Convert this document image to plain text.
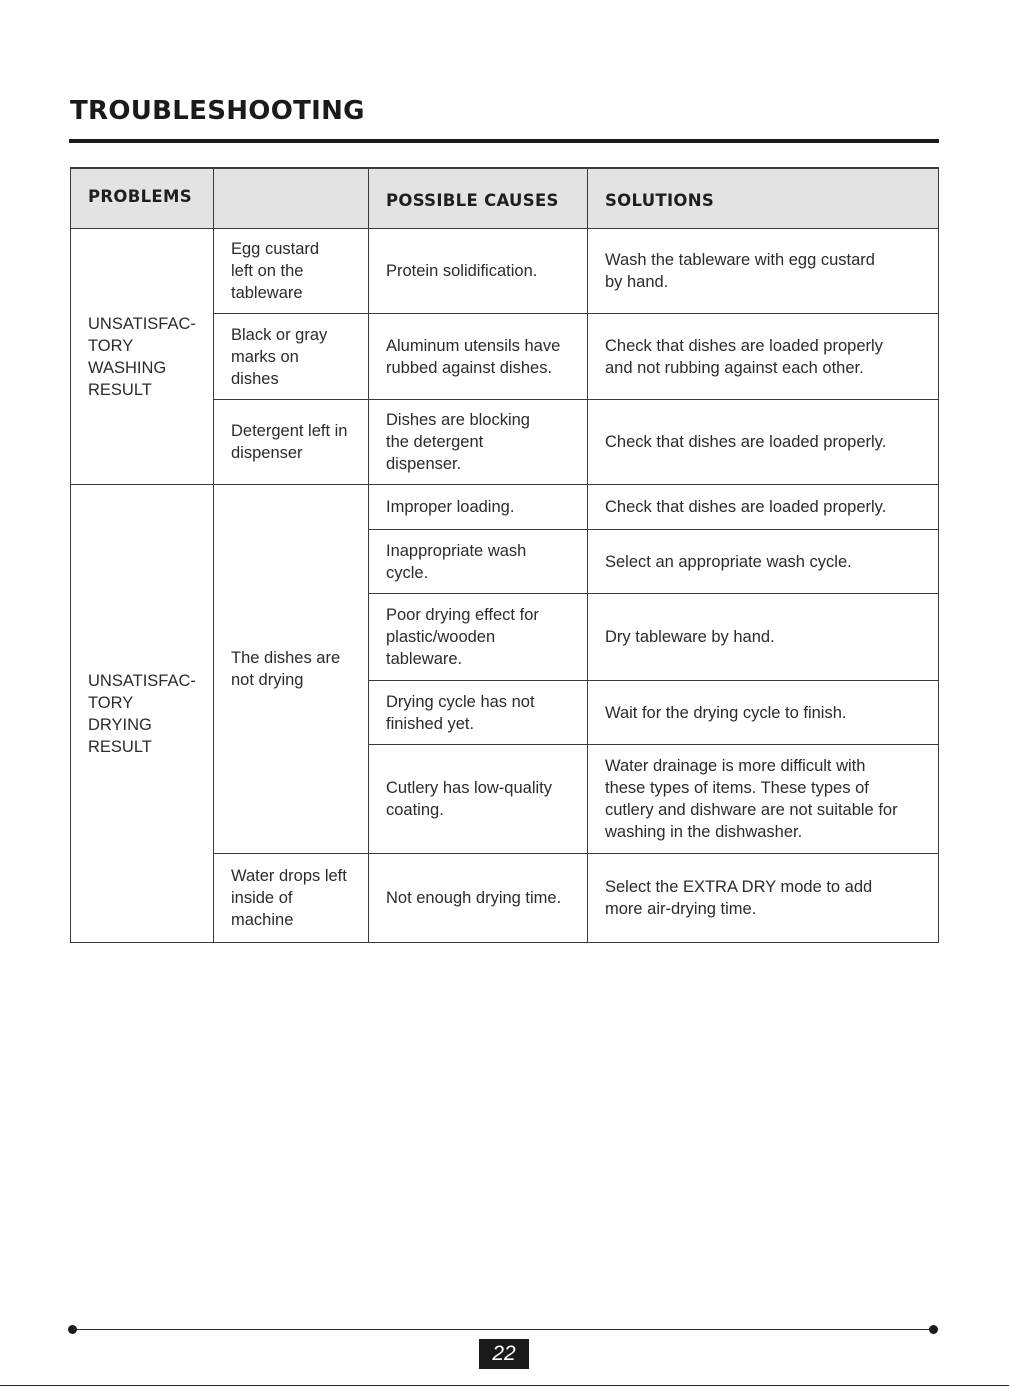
TROUBLESHOOTING
PROBLEMS		POSSIBLE CAUSES	SOLUTIONS

UNSATISFAC-
TORY
WASHING
RESULT	Egg custard
left on the
tableware	Protein solidification.	Wash the tableware with egg custard
by hand.

	Black or gray
marks on
dishes	Aluminum utensils have
rubbed against dishes.	Check that dishes are loaded properly
and not rubbing against each other.

	Detergent left in
dispenser	Dishes are blocking
the detergent
dispenser.	Check that dishes are loaded properly.

UNSATISFAC-
TORY
DRYING
RESULT	The dishes are
not drying	Improper loading.	Check that dishes are loaded properly.

		Inappropriate wash
cycle.	Select an appropriate wash cycle.

		Poor drying effect for
plastic/wooden
tableware.	Dry tableware by hand.

		Drying cycle has not
finished yet.	Wait for the drying cycle to finish.

		Cutlery has low-quality
coating.	Water drainage is more difficult with
these types of items. These types of
cutlery and dishware are not suitable for
washing in the dishwasher.

	Water drops left
inside of
machine	Not enough drying time.	Select the EXTRA DRY mode to add
more air-drying time.
22
